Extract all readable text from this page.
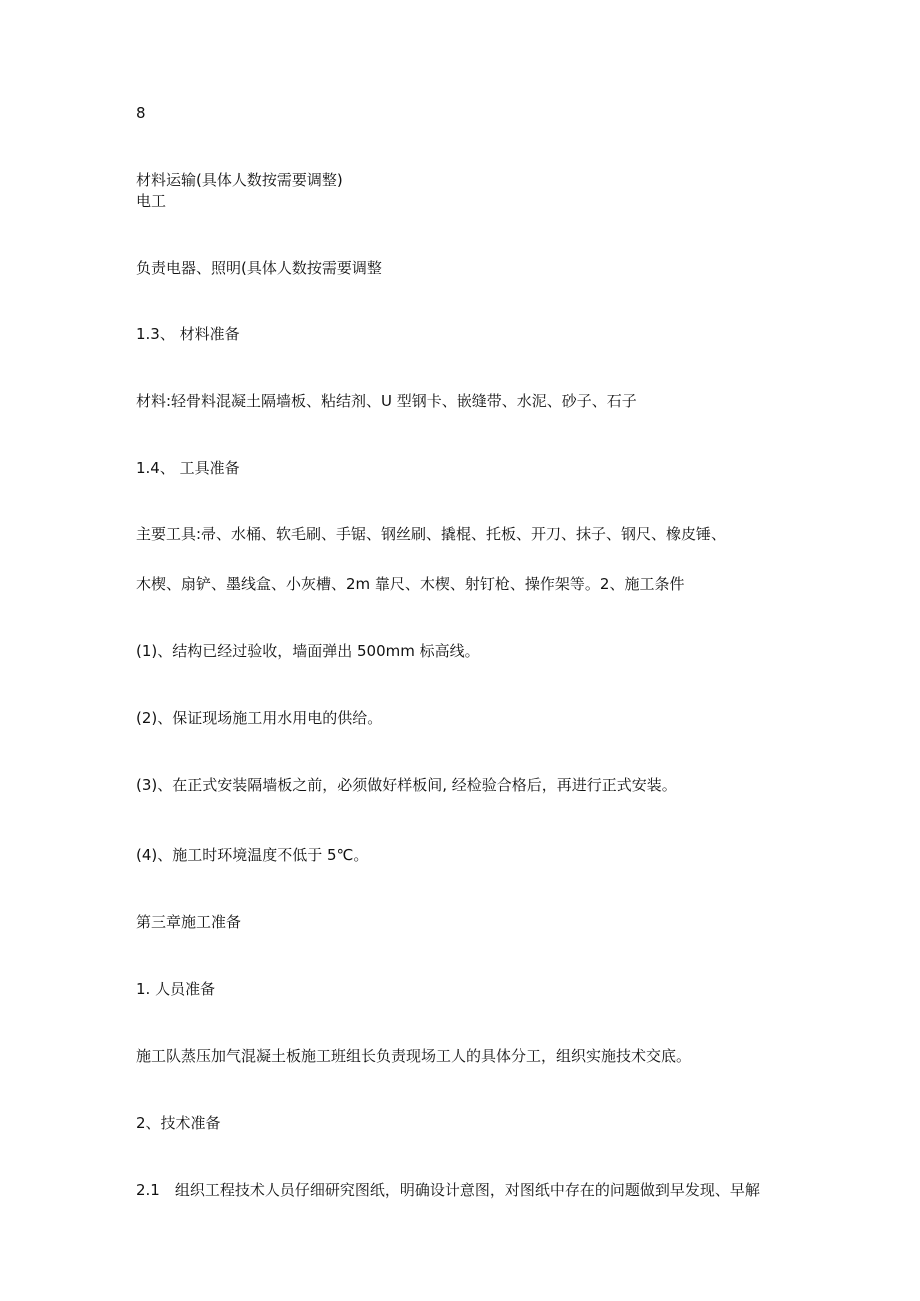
8
材料运输(具体人数按需要调整)
电工
负责电器、照明(具体人数按需要调整
1.3、 材料准备
材料:轻骨料混凝土隔墙板、粘结剂、U 型钢卡、嵌缝带、水泥、砂子、石子
1.4、 工具准备
主要工具:帚、水桶、软毛刷、手锯、钢丝刷、撬棍、托板、开刀、抹子、钢尺、橡皮锤、
木楔、扇铲、墨线盒、小灰槽、2m 靠尺、木楔、射钉枪、操作架等。2、施工条件
(1)、结构已经过验收，墙面弹出 500mm 标高线。
(2)、保证现场施工用水用电的供给。
(3)、在正式安装隔墙板之前，必须做好样板间, 经检验合格后，再进行正式安装。
(4)、施工时环境温度不低于 5℃。
第三章施工准备
1. 人员准备
施工队蒸压加气混凝土板施工班组长负责现场工人的具体分工，组织实施技术交底。
2、技术准备
2.1　组织工程技术人员仔细研究图纸，明确设计意图，对图纸中存在的问题做到早发现、早解
